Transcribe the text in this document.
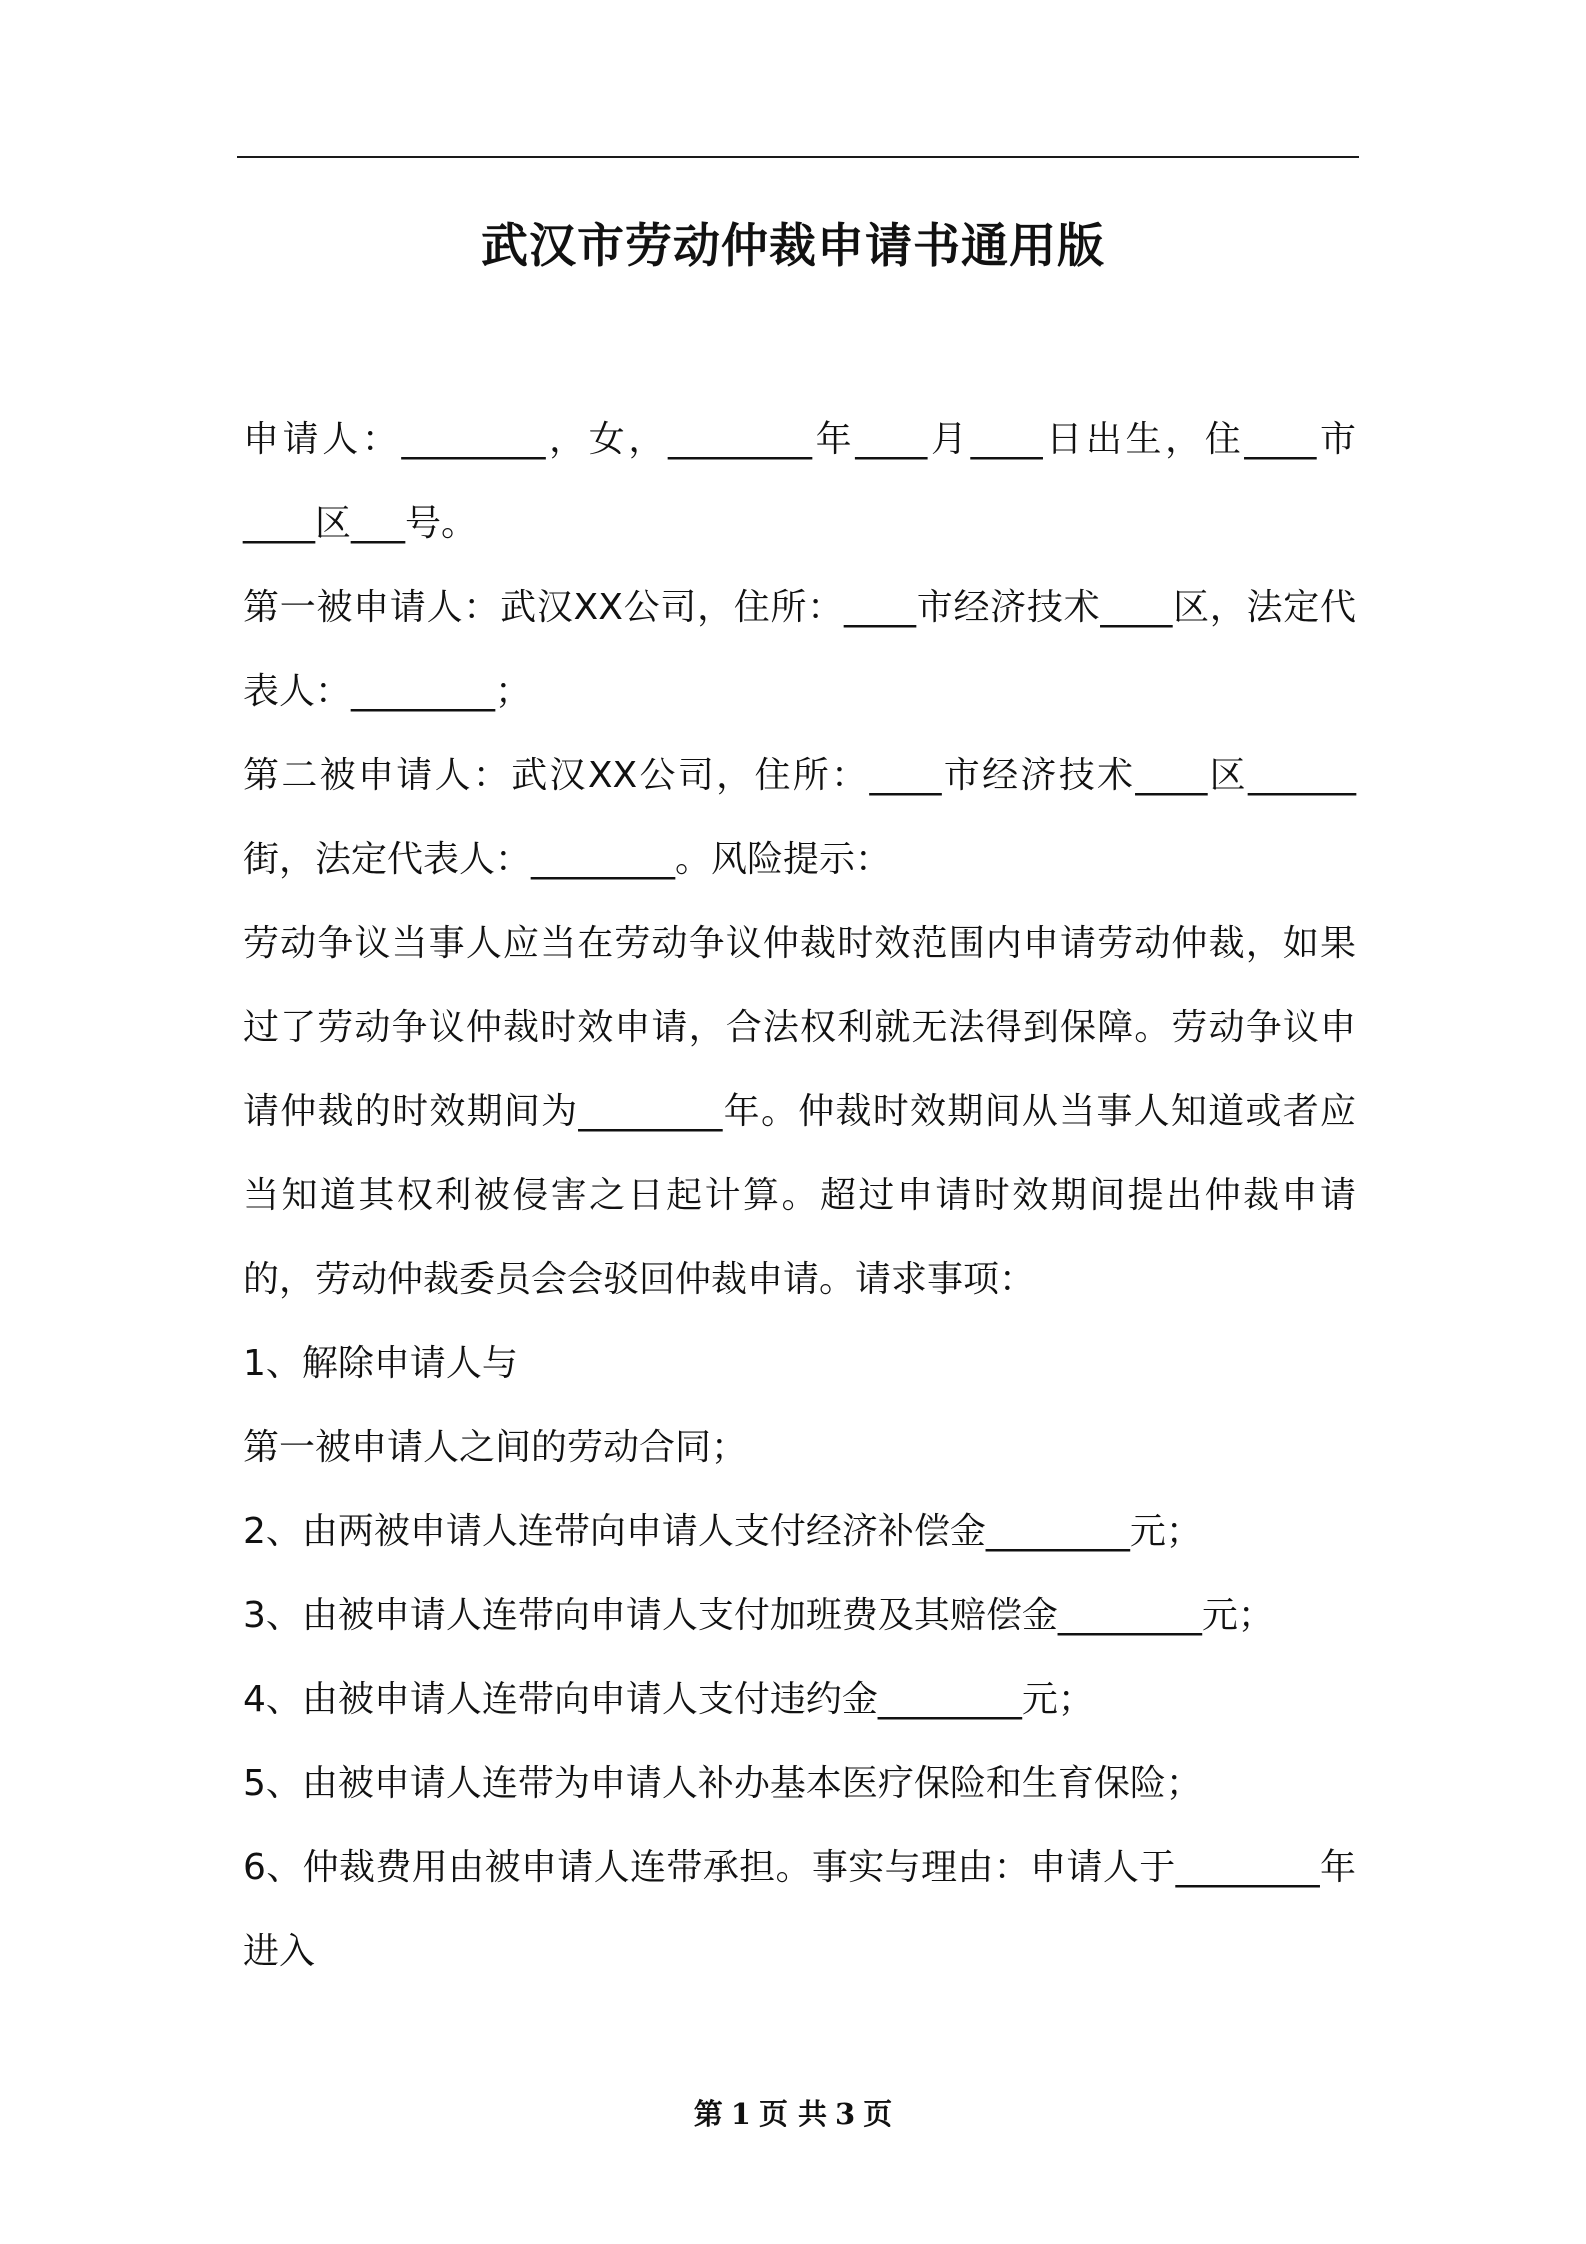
武汉市劳动仲裁申请书通用版

申请人：________，女，________年____月____日出生，住____市____区___号。

第一被申请人：武汉XX公司，住所：____市经济技术____区，法定代表人：________；

第二被申请人：武汉XX公司，住所：____市经济技术____区______街，法定代表人：________。风险提示：

劳动争议当事人应当在劳动争议仲裁时效范围内申请劳动仲裁，如果过了劳动争议仲裁时效申请，合法权利就无法得到保障。劳动争议申请仲裁的时效期间为________年。仲裁时效期间从当事人知道或者应当知道其权利被侵害之日起计算。超过申请时效期间提出仲裁申请的，劳动仲裁委员会会驳回仲裁申请。请求事项：

1、解除申请人与

第一被申请人之间的劳动合同；

2、由两被申请人连带向申请人支付经济补偿金________元；

3、由被申请人连带向申请人支付加班费及其赔偿金________元；

4、由被申请人连带向申请人支付违约金________元；

5、由被申请人连带为申请人补办基本医疗保险和生育保险；

6、仲裁费用由被申请人连带承担。事实与理由：申请人于________年进入

第 1 页 共 3 页
